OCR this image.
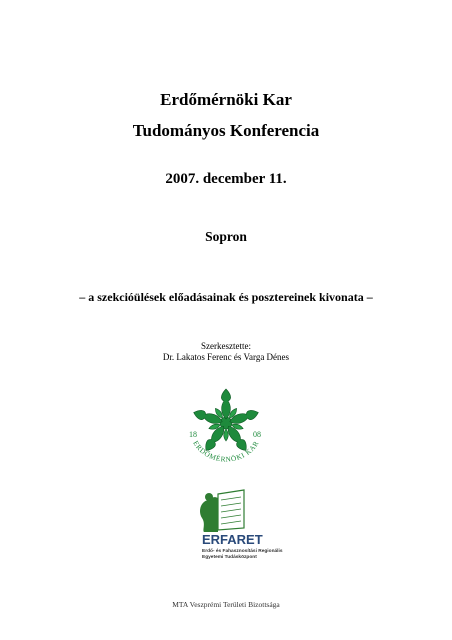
Erdőmérnöki Kar
Tudományos Konferencia
2007. december 11.
Sopron
– a szekcióülések előadásainak és posztereinek kivonata –
Szerkesztette:
Dr. Lakatos Ferenc és Varga Dénes
18	08
ERDŐMÉRNÖKI KAR
ERFARET
Erdő- és Fahasznosítási Regionális
Egyetemi Tudásközpont
MTA Veszprémi Területi Bizottsága
